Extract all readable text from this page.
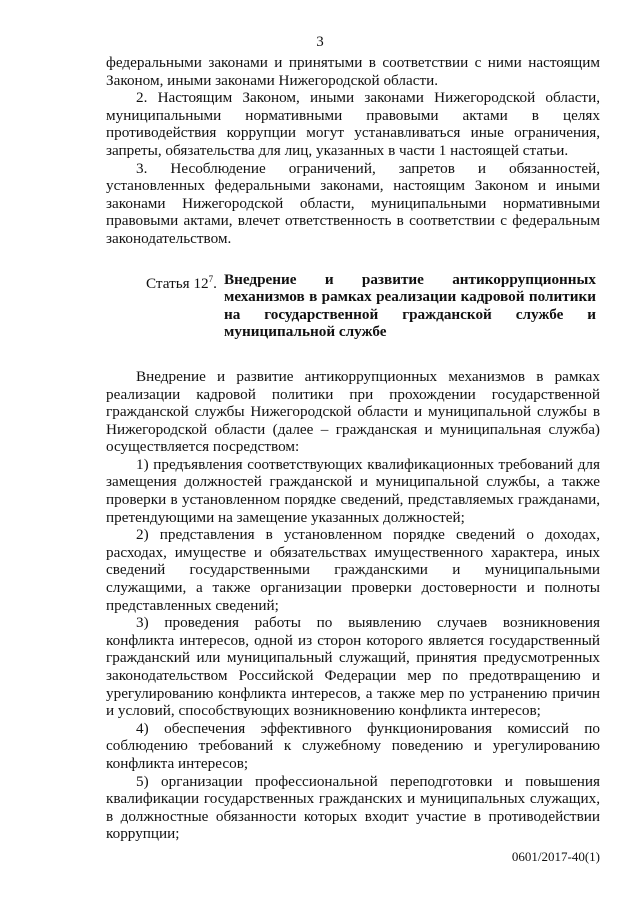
3

федеральными законами и принятыми в соответствии с ними настоящим Законом, иными законами Нижегородской области.

2. Настоящим Законом, иными законами Нижегородской области, муниципальными нормативными правовыми актами в целях противодействия коррупции могут устанавливаться иные ограничения, запреты, обязательства для лиц, указанных в части 1 настоящей статьи.

3. Несоблюдение ограничений, запретов и обязанностей, установленных федеральными законами, настоящим Законом и иными законами Нижегородской области, муниципальными нормативными правовыми актами, влечет ответственность в соответствии с федеральным законодательством.

Статья $12^7$. Внедрение и развитие антикоррупционных механизмов в рамках реализации кадровой политики на государственной гражданской службе и муниципальной службе

Внедрение и развитие антикоррупционных механизмов в рамках реализации кадровой политики при прохождении государственной гражданской службы Нижегородской области и муниципальной службы в Нижегородской области (далее – гражданская и муниципальная служба) осуществляется посредством:

1) предъявления соответствующих квалификационных требований для замещения должностей гражданской и муниципальной службы, а также проверки в установленном порядке сведений, представляемых гражданами, претендующими на замещение указанных должностей;

2) представления в установленном порядке сведений о доходах, расходах, имуществе и обязательствах имущественного характера, иных сведений государственными гражданскими и муниципальными служащими, а также организации проверки достоверности и полноты представленных сведений;

3) проведения работы по выявлению случаев возникновения конфликта интересов, одной из сторон которого является государственный гражданский или муниципальный служащий, принятия предусмотренных законодательством Российской Федерации мер по предотвращению и урегулированию конфликта интересов, а также мер по устранению причин и условий, способствующих возникновению конфликта интересов;

4) обеспечения эффективного функционирования комиссий по соблюдению требований к служебному поведению и урегулированию конфликта интересов;

5) организации профессиональной переподготовки и повышения квалификации государственных гражданских и муниципальных служащих, в должностные обязанности которых входит участие в противодействии коррупции;

0601/2017-40(1)
